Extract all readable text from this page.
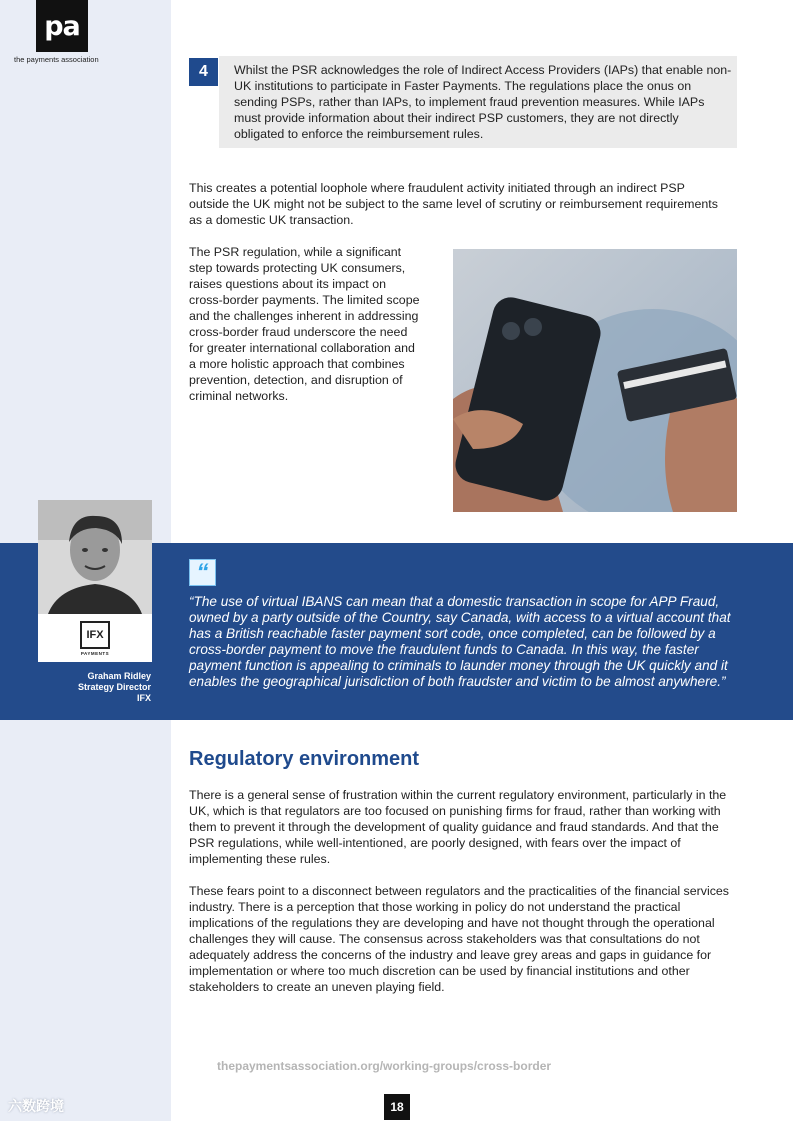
pa
the payments association
4	Whilst the PSR acknowledges the role of Indirect Access Providers (IAPs) that enable non-UK institutions to participate in Faster Payments. The regulations place the onus on sending PSPs, rather than IAPs, to implement fraud prevention measures. While IAPs must provide information about their indirect PSP customers, they are not directly obligated to enforce the reimbursement rules.

This creates a potential loophole where fraudulent activity initiated through an indirect PSP outside the UK might not be subject to the same level of scrutiny or reimbursement requirements as a domestic UK transaction.

The PSR regulation, while a significant step towards protecting UK consumers, raises questions about its impact on cross-border payments. The limited scope and the challenges inherent in addressing cross-border fraud underscore the need for greater international collaboration and a more holistic approach that combines prevention, detection, and disruption of criminal networks.

IFX
PAYMENTS
Graham Ridley
Strategy Director
IFX
“

“The use of virtual IBANS can mean that a domestic transaction in scope for APP Fraud, owned by a party outside of the Country, say Canada, with access to a virtual account that has a British reachable faster payment sort code, once completed, can be followed by a cross-border payment to move the fraudulent funds to Canada. In this way, the faster payment function is appealing to criminals to launder money through the UK quickly and it enables the geographical jurisdiction of both fraudster and victim to be almost anywhere.”

Regulatory environment

There is a general sense of frustration within the current regulatory environment, particularly in the UK, which is that regulators are too focused on punishing firms for fraud, rather than working with them to prevent it through the development of quality guidance and fraud standards. And that the PSR regulations, while well-intentioned, are poorly designed, with fears over the impact of implementing these rules.

These fears point to a disconnect between regulators and the practicalities of the financial services industry. There is a perception that those working in policy do not understand the practical implications of the regulations they are developing and have not thought through the operational challenges they will cause. The consensus across stakeholders was that consultations do not adequately address the concerns of the industry and leave grey areas and gaps in guidance for implementation or where too much discretion can be used by financial institutions and other stakeholders to create an uneven playing field.

thepaymentsassociation.org/working-groups/cross-border
18
六数跨境
